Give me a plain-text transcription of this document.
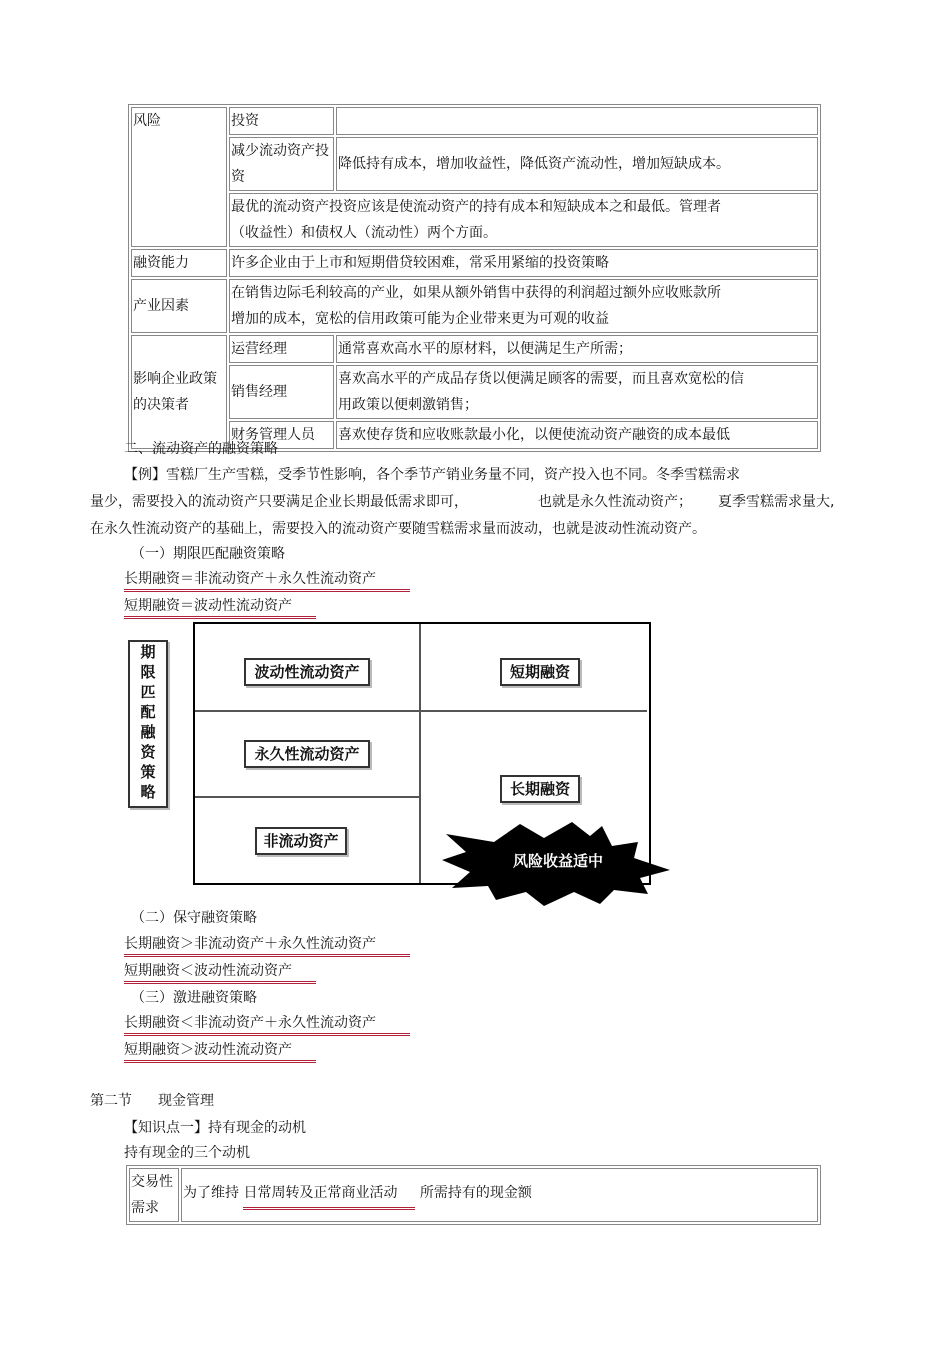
风险	投资	
	减少流动资产投资	降低持有成本，增加收益性，降低资产流动性，增加短缺成本。

	最优的流动资产投资应该是使流动资产的持有成本和短缺成本之和最低。管理者
（收益性）和债权人（流动性）两个方面。	

融资能力	许多企业由于上市和短期借贷较困难，常采用紧缩的投资策略	
产业因素	在销售边际毛利较高的产业，如果从额外销售中获得的利润超过额外应收账款所
增加的成本，宽松的信用政策可能为企业带来更为可观的收益	

影响企业政策的决策者	运营经理	通常喜欢高水平的原材料，以便满足生产所需；
	销售经理	喜欢高水平的产成品存货以便满足顾客的需要，而且喜欢宽松的信
用政策以便刺激销售；

	财务管理人员	喜欢使存货和应收账款最小化，以便使流动资产融资的成本最低
二、流动资产的融资策略
【例】雪糕厂生产雪糕，受季节性影响，各个季节产销业务量不同，资产投入也不同。冬季雪糕需求
量少，需要投入的流动资产只要满足企业长期最低需求即可，	也就是永久性流动资产； 夏季雪糕需求量大,
在永久性流动资产的基础上，需要投入的流动资产要随雪糕需求量而波动，也就是波动性流动资产。
（一）期限匹配融资策略
长期融资＝非流动资产＋永久性流动资产
短期融资＝波动性流动资产
期
限
匹
配
融
资
策
略
波动性流动资产
永久性流动资产
非流动资产
短期融资
长期融资
风险收益适中
（二）保守融资策略
长期融资＞非流动资产＋永久性流动资产
短期融资＜波动性流动资产
（三）激进融资策略
长期融资＜非流动资产＋永久性流动资产
短期融资＞波动性流动资产
第二节 现金管理
【知识点一】持有现金的动机
持有现金的三个动机
交易性需求	为了维持 日常周转及正常商业活动 所需持有的现金额
